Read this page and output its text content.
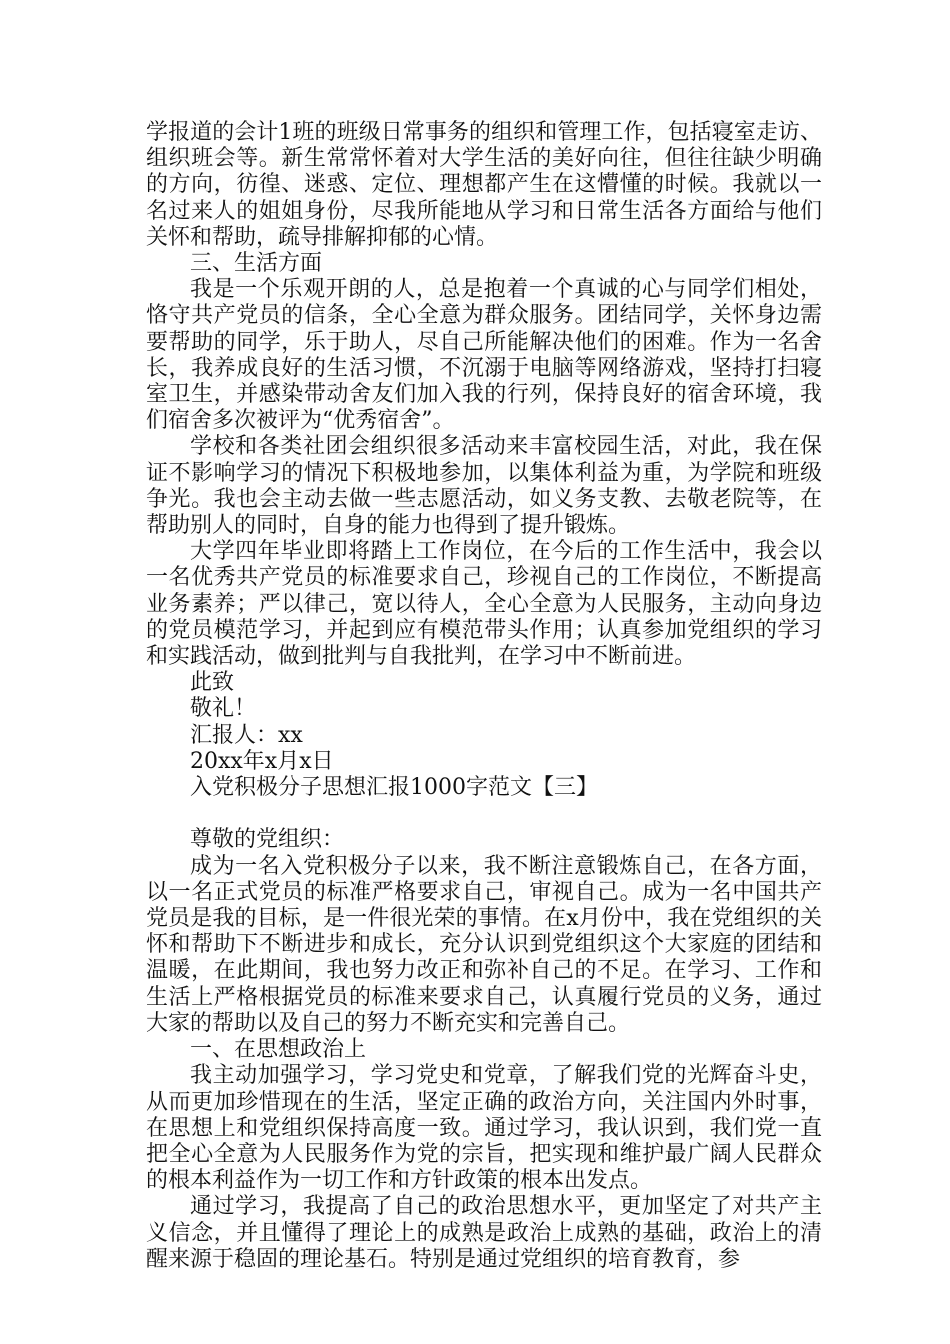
学报道的会计1班的班级日常事务的组织和管理工作，包括寝室走访、组织班会等。新生常常怀着对大学生活的美好向往，但往往缺少明确的方向，彷徨、迷惑、定位、理想都产生在这懵懂的时候。我就以一名过来人的姐姐身份，尽我所能地从学习和日常生活各方面给与他们关怀和帮助，疏导排解抑郁的心情。

三、生活方面

我是一个乐观开朗的人，总是抱着一个真诚的心与同学们相处，恪守共产党员的信条，全心全意为群众服务。团结同学，关怀身边需要帮助的同学，乐于助人，尽自己所能解决他们的困难。作为一名舍长，我养成良好的生活习惯，不沉溺于电脑等网络游戏，坚持打扫寝室卫生，并感染带动舍友们加入我的行列，保持良好的宿舍环境，我们宿舍多次被评为“优秀宿舍”。

学校和各类社团会组织很多活动来丰富校园生活，对此，我在保证不影响学习的情况下积极地参加，以集体利益为重，为学院和班级争光。我也会主动去做一些志愿活动，如义务支教、去敬老院等，在帮助别人的同时，自身的能力也得到了提升锻炼。

大学四年毕业即将踏上工作岗位，在今后的工作生活中，我会以一名优秀共产党员的标准要求自己，珍视自己的工作岗位，不断提高业务素养；严以律己，宽以待人，全心全意为人民服务，主动向身边的党员模范学习，并起到应有模范带头作用；认真参加党组织的学习和实践活动，做到批判与自我批判，在学习中不断前进。

此致

敬礼！

汇报人：xx

20xx年x月x日

入党积极分子思想汇报1000字范文【三】

尊敬的党组织：

成为一名入党积极分子以来，我不断注意锻炼自己，在各方面，以一名正式党员的标准严格要求自己，审视自己。成为一名中国共产党员是我的目标，是一件很光荣的事情。在x月份中，我在党组织的关怀和帮助下不断进步和成长，充分认识到党组织这个大家庭的团结和温暖，在此期间，我也努力改正和弥补自己的不足。在学习、工作和生活上严格根据党员的标准来要求自己，认真履行党员的义务，通过大家的帮助以及自己的努力不断充实和完善自己。

一、在思想政治上

我主动加强学习，学习党史和党章，了解我们党的光辉奋斗史，从而更加珍惜现在的生活，坚定正确的政治方向，关注国内外时事，在思想上和党组织保持高度一致。通过学习，我认识到，我们党一直把全心全意为人民服务作为党的宗旨，把实现和维护最广阔人民群众的根本利益作为一切工作和方针政策的根本出发点。

通过学习，我提高了自己的政治思想水平，更加坚定了对共产主义信念，并且懂得了理论上的成熟是政治上成熟的基础，政治上的清醒来源于稳固的理论基石。特别是通过党组织的培育教育，参
